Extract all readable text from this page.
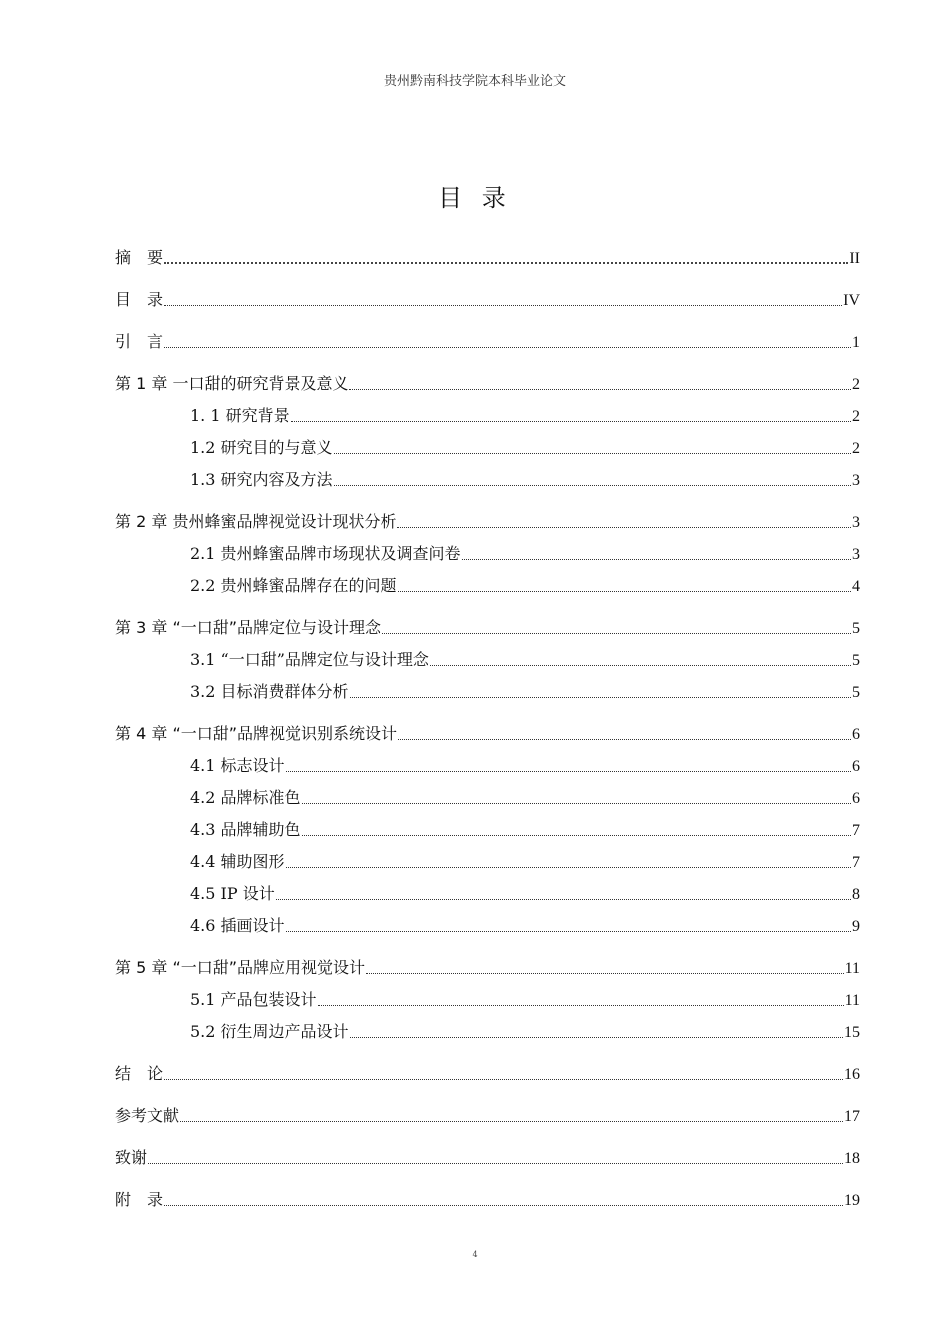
贵州黔南科技学院本科毕业论文
目 录
摘　要	II
目　录	IV
引　言	1
第 1 章 一口甜的研究背景及意义	2
1. 1 研究背景	2
1.2 研究目的与意义	2
1.3 研究内容及方法	3
第 2 章 贵州蜂蜜品牌视觉设计现状分析	3
2.1 贵州蜂蜜品牌市场现状及调查问卷	3
2.2 贵州蜂蜜品牌存在的问题	4
第 3 章 “一口甜”品牌定位与设计理念	5
3.1 “一口甜”品牌定位与设计理念	5
3.2 目标消费群体分析	5
第 4 章 “一口甜”品牌视觉识别系统设计	6
4.1 标志设计	6
4.2 品牌标准色	6
4.3 品牌辅助色	7
4.4 辅助图形	7
4.5 IP 设计	8
4.6 插画设计	9
第 5 章 “一口甜”品牌应用视觉设计	11
5.1 产品包装设计	11
5.2 衍生周边产品设计	15
结　论	16
参考文献	17
致谢	18
附　录	19
4
